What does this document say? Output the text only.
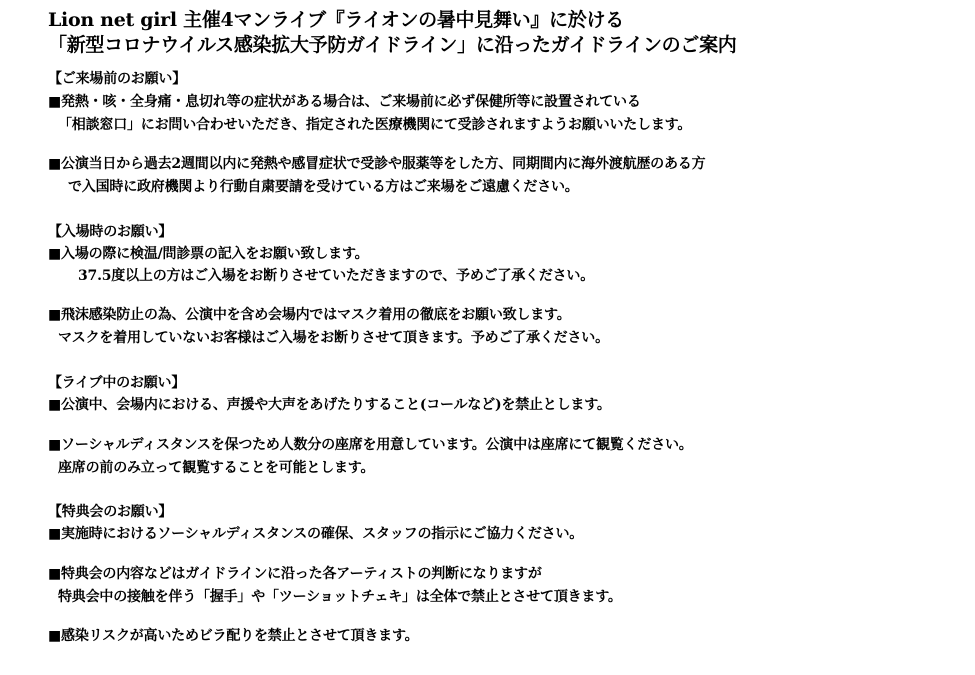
Lion net girl 主催4マンライブ『ライオンの暑中見舞い』に於ける
「新型コロナウイルス感染拡大予防ガイドライン」に沿ったガイドラインのご案内
【ご来場前のお願い】
■発熱・咳・全身痛・息切れ等の症状がある場合は、ご来場前に必ず保健所等に設置されている
「相談窓口」にお問い合わせいただき、指定された医療機関にて受診されますようお願いいたします。
■公演当日から過去2週間以内に発熱や感冒症状で受診や服薬等をした方、同期間内に海外渡航歴のある方
で入国時に政府機関より行動自粛要請を受けている方はご来場をご遠慮ください。
【入場時のお願い】
■入場の際に検温/問診票の記入をお願い致します。
37.5度以上の方はご入場をお断りさせていただきますので、予めご了承ください。
■飛沫感染防止の為、公演中を含め会場内ではマスク着用の徹底をお願い致します。
マスクを着用していないお客様はご入場をお断りさせて頂きます。予めご了承ください。
【ライブ中のお願い】
■公演中、会場内における、声援や大声をあげたりすること(コールなど)を禁止とします。
■ソーシャルディスタンスを保つため人数分の座席を用意しています。公演中は座席にて観覧ください。
座席の前のみ立って観覧することを可能とします。
【特典会のお願い】
■実施時におけるソーシャルディスタンスの確保、スタッフの指示にご協力ください。
■特典会の内容などはガイドラインに沿った各アーティストの判断になりますが
特典会中の接触を伴う「握手」や「ツーショットチェキ」は全体で禁止とさせて頂きます。
■感染リスクが高いためビラ配りを禁止とさせて頂きます。
